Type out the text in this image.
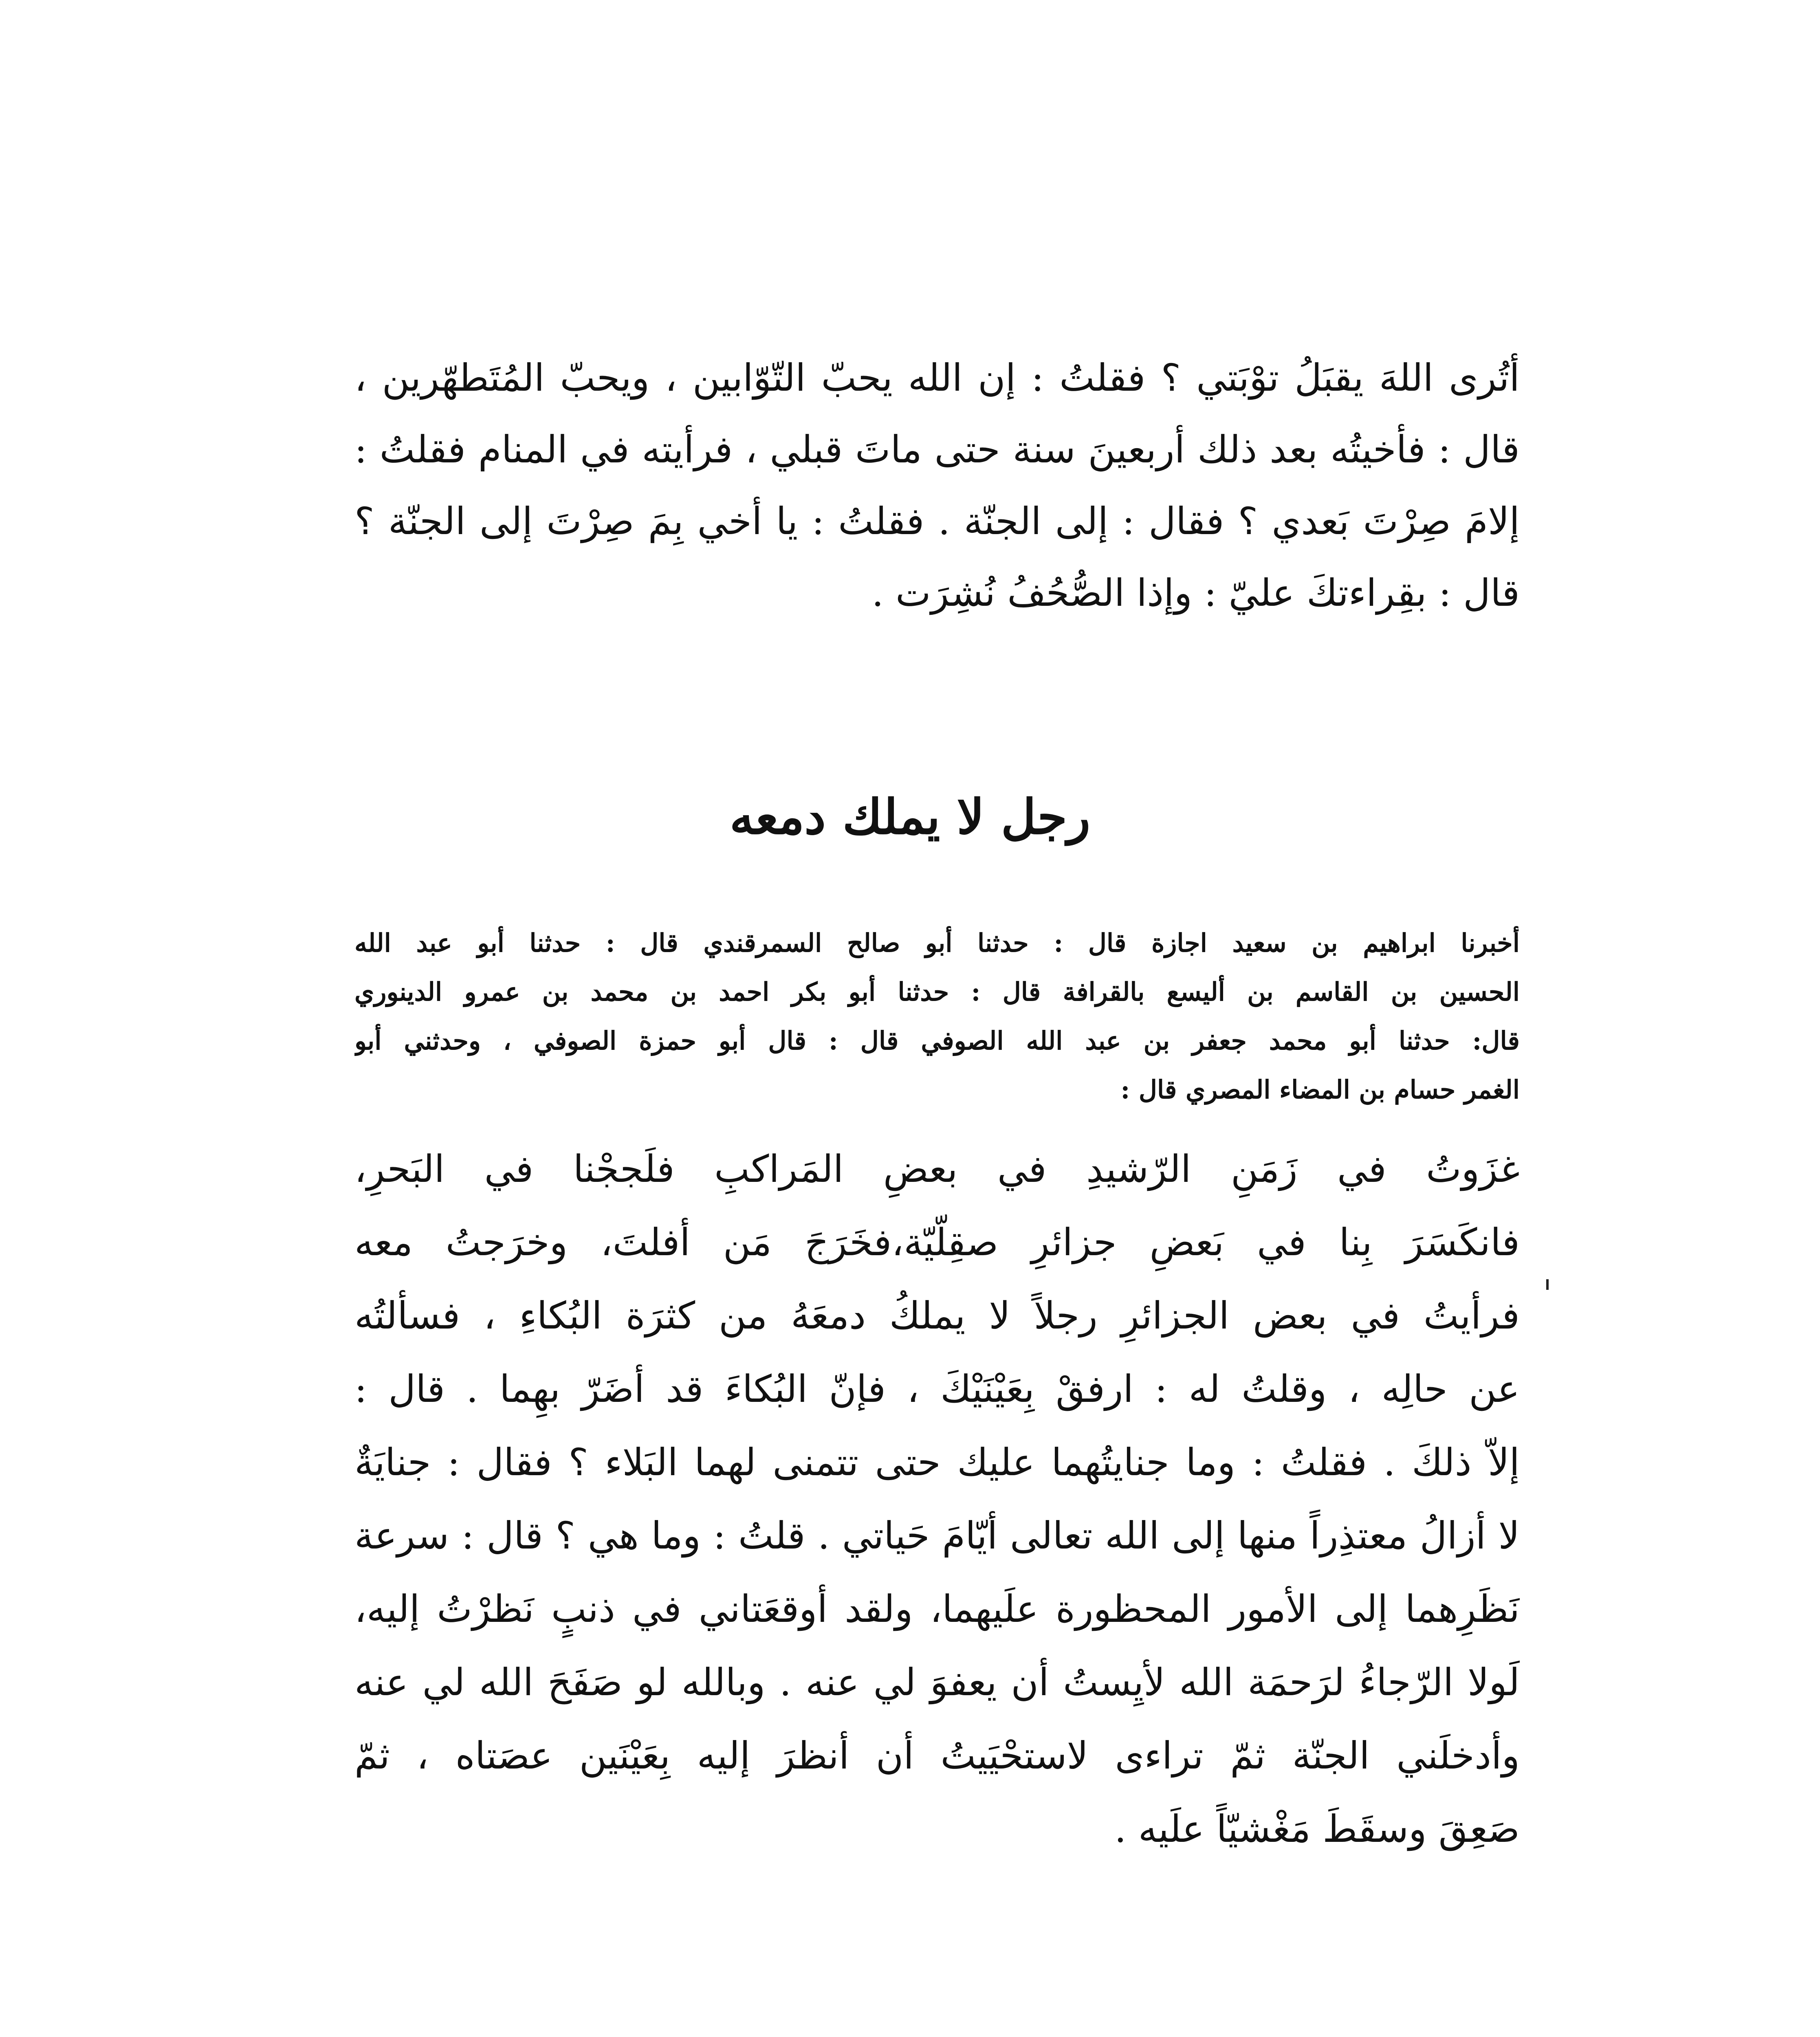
أتُرى اللهَ يقبَلُ توْبَتي ؟ فقلتُ : إن الله يحبّ التّوّابين ، ويحبّ المُتَطهّرين ،
قال : فأخيتُه بعد ذلك أربعينَ سنة حتى ماتَ قبلي ، فرأيته في المنام فقلتُ :
إلامَ صِرْتَ بَعدي ؟ فقال : إلى الجنّة . فقلتُ : يا أخي بِمَ صِرْتَ إلى الجنّة ؟
قال : بقِراءتكَ عليّ : وإذا الصُّحُفُ نُشِرَت .
رجل لا يملك دمعه
أخبرنا ابراهيم بن سعيد اجازة قال : حدثنا أبو صالح السمرقندي قال : حدثنا أبو عبد الله
الحسين بن القاسم بن أليسع بالقرافة قال : حدثنا أبو بكر احمد بن محمد بن عمرو الدينوري
قال: حدثنا أبو محمد جعفر بن عبد الله الصوفي قال : قال أبو حمزة الصوفي ، وحدثني أبو
الغمر حسام بن المضاء المصري قال :
غزَوتُ في زَمَنِ الرّشيدِ في بعضِ المَراكبِ فلَججْنا في البَحرِ،
فانكَسَرَ بِنا في بَعضِ جزائرِ صقِلّيّة،فخَرَجَ مَن أفلتَ، وخرَجتُ معه
فرأيتُ في بعض الجزائرِ رجلاً لا يملكُ دمعَهُ من كثرَة البُكاءِ ، فسألتُه
عن حالِه ، وقلتُ له : ارفقْ بِعَيْنَيْكَ ، فإنّ البُكاءَ قد أضَرّ بهِما . قال :
إلاّ ذلكَ . فقلتُ : وما جنايتُهما عليك حتى تتمنى لهما البَلاء ؟ فقال : جنايَةٌ
لا أزالُ معتذِراً منها إلى الله تعالى أيّامَ حَياتي . قلتُ : وما هي ؟ قال : سرعة
نَظَرِهما إلى الأمور المحظورة علَيهما، ولقد أوقعَتاني في ذنبٍ نَظرْتُ إليه،
لَولا الرّجاءُ لرَحمَة الله لأيِستُ أن يعفوَ لي عنه . وبالله لو صَفَحَ الله لي عنه
وأدخلَني الجنّة ثمّ تراءى لاستحْيَيتُ أن أنظرَ إليه بِعَيْنَين عصَتاه ، ثمّ
صَعِقَ وسقَطَ مَغْشيّاً علَيه .
